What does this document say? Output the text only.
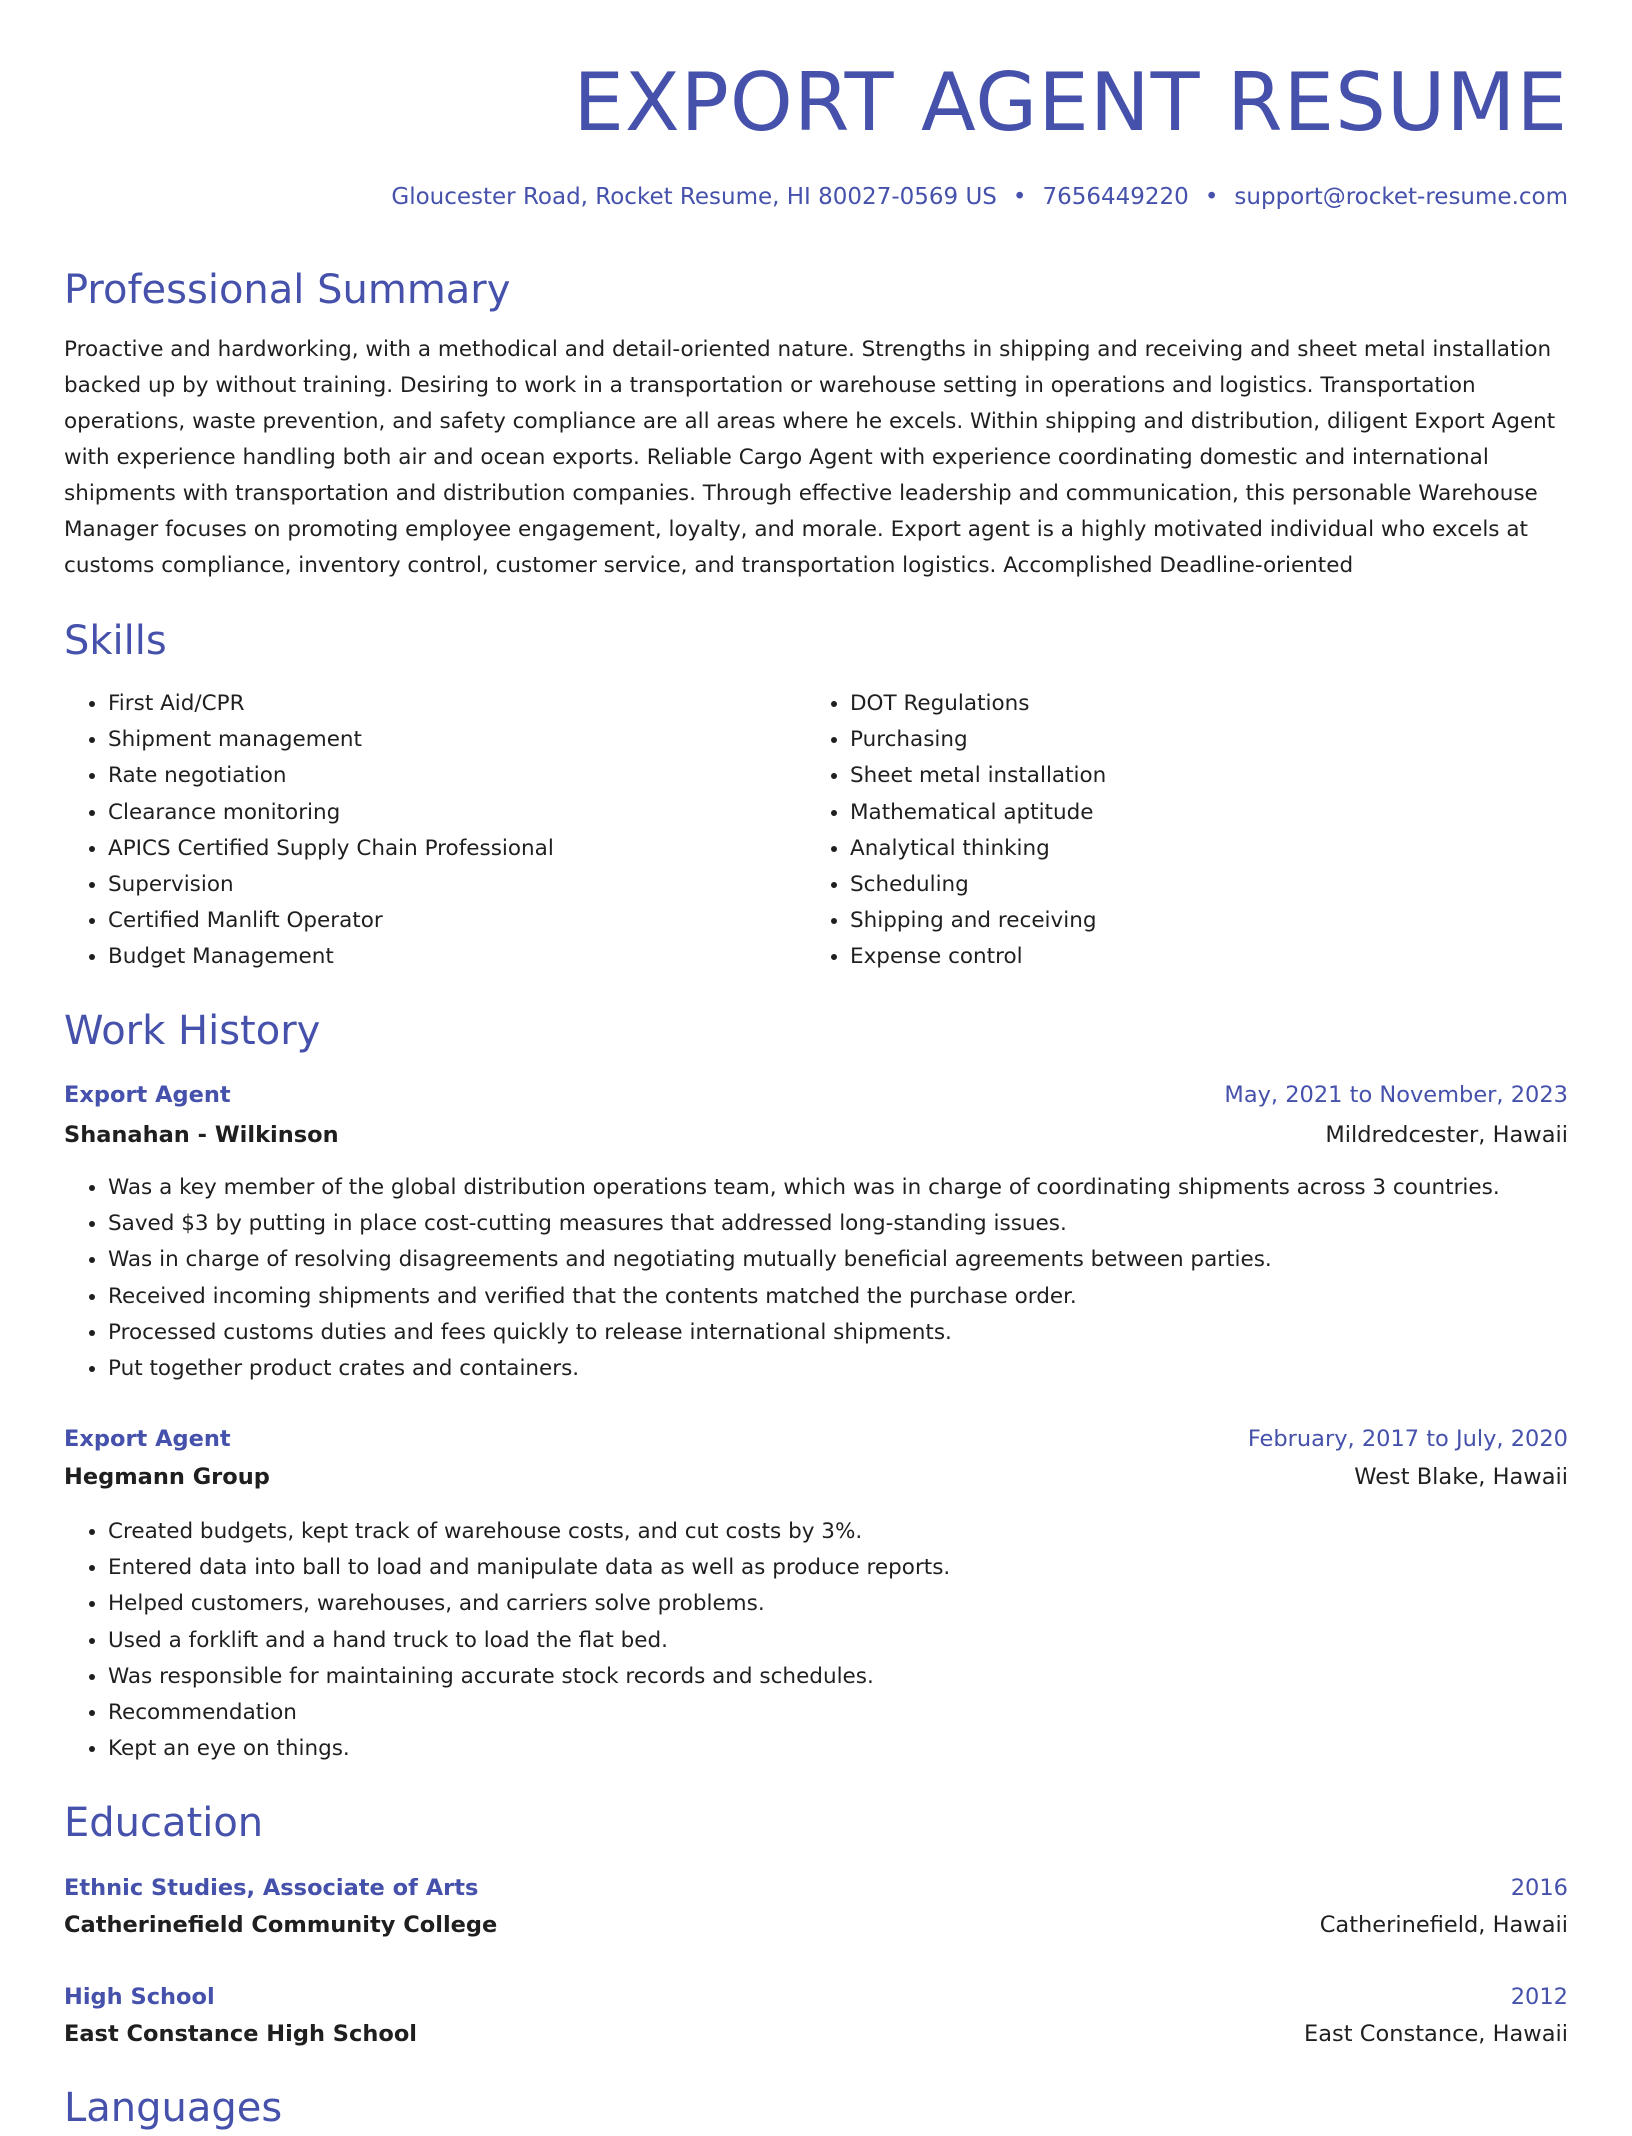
EXPORT AGENT RESUME
Gloucester Road, Rocket Resume, HI 80027-0569 US • 7656449220 • support@rocket-resume.com
Professional Summary

Proactive and hardworking, with a methodical and detail-oriented nature. Strengths in shipping and receiving and sheet metal installation backed up by without training. Desiring to work in a transportation or warehouse setting in operations and logistics. Transportation operations, waste prevention, and safety compliance are all areas where he excels. Within shipping and distribution, diligent Export Agent with experience handling both air and ocean exports. Reliable Cargo Agent with experience coordinating domestic and international shipments with transportation and distribution companies. Through effective leadership and communication, this personable Warehouse Manager focuses on promoting employee engagement, loyalty, and morale. Export agent is a highly motivated individual who excels at customs compliance, inventory control, customer service, and transportation logistics. Accomplished Deadline-oriented

Skills
• First Aid/CPR
• Shipment management
• Rate negotiation
• Clearance monitoring
• APICS Certified Supply Chain Professional
• Supervision
• Certified Manlift Operator
• Budget Management
• DOT Regulations
• Purchasing
• Sheet metal installation
• Mathematical aptitude
• Analytical thinking
• Scheduling
• Shipping and receiving
• Expense control
Work History
Export Agent	May, 2021 to November, 2023
Shanahan - Wilkinson	Mildredcester, Hawaii
• Was a key member of the global distribution operations team, which was in charge of coordinating shipments across 3 countries.
• Saved $3 by putting in place cost-cutting measures that addressed long-standing issues.
• Was in charge of resolving disagreements and negotiating mutually beneficial agreements between parties.
• Received incoming shipments and verified that the contents matched the purchase order.
• Processed customs duties and fees quickly to release international shipments.
• Put together product crates and containers.
Export Agent	February, 2017 to July, 2020
Hegmann Group	West Blake, Hawaii
• Created budgets, kept track of warehouse costs, and cut costs by 3%.
• Entered data into ball to load and manipulate data as well as produce reports.
• Helped customers, warehouses, and carriers solve problems.
• Used a forklift and a hand truck to load the flat bed.
• Was responsible for maintaining accurate stock records and schedules.
• Recommendation
• Kept an eye on things.
Education
Ethnic Studies, Associate of Arts	2016
Catherinefield Community College	Catherinefield, Hawaii
High School	2012
East Constance High School	East Constance, Hawaii
Languages
